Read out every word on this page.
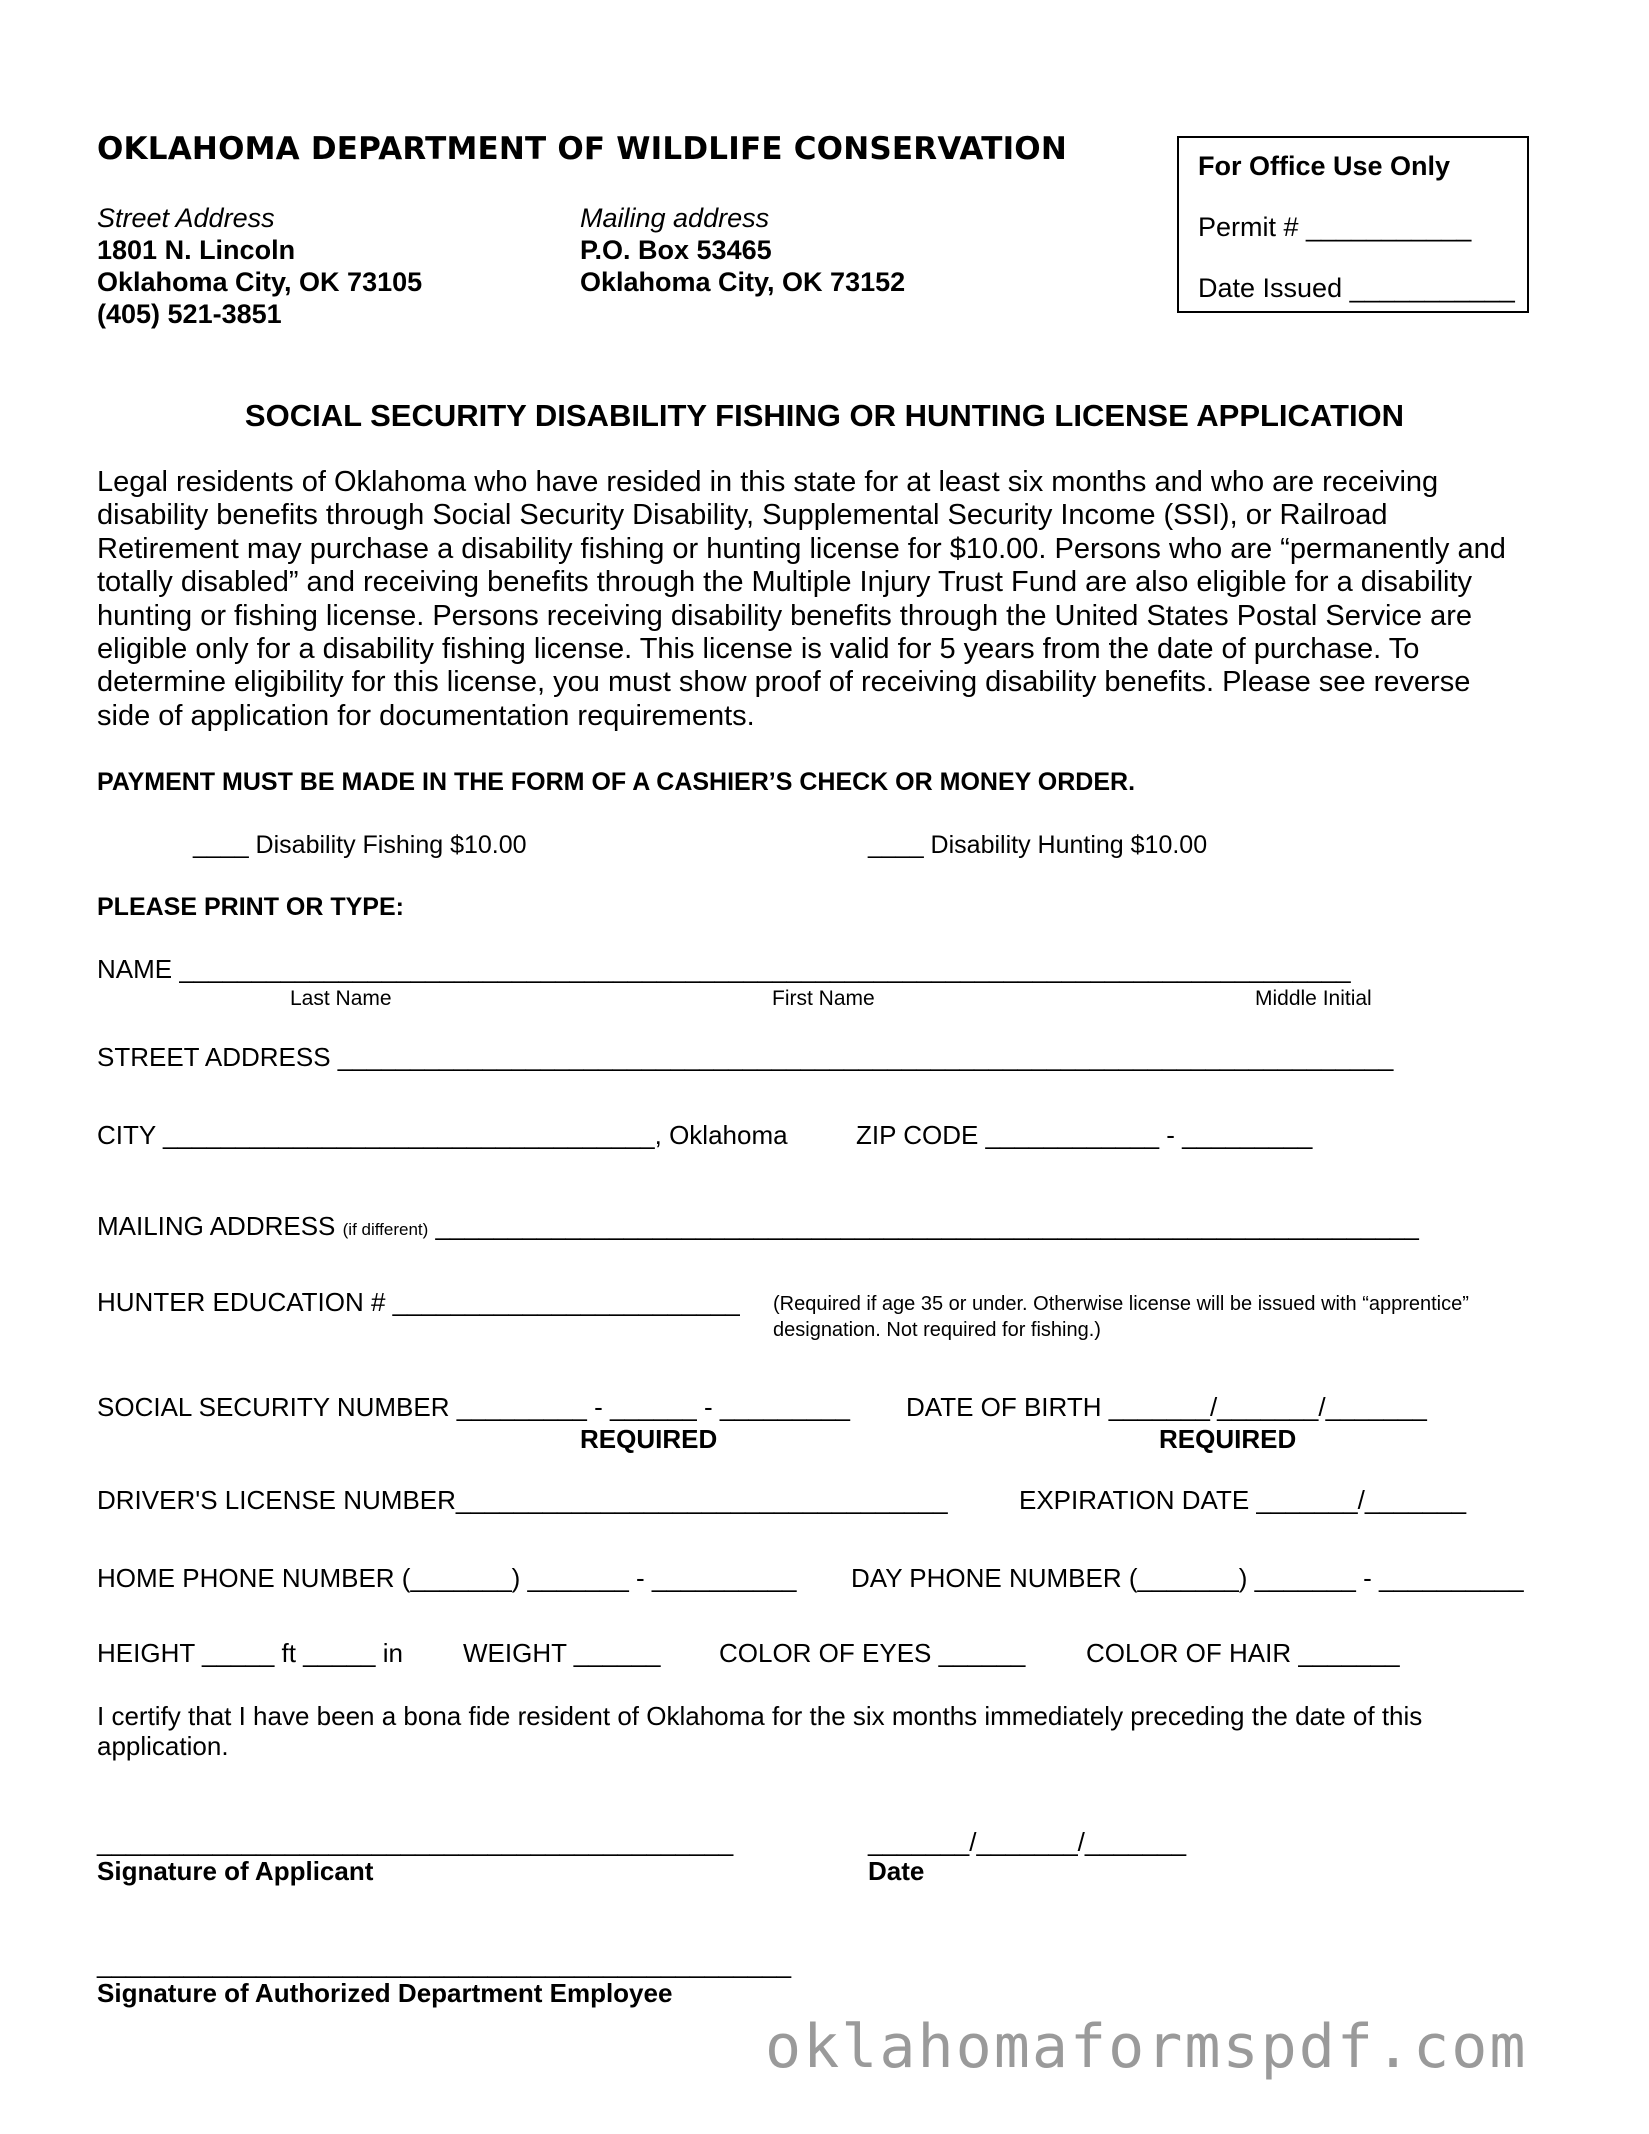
OKLAHOMA DEPARTMENT OF WILDLIFE CONSERVATION
Street Address
1801 N. Lincoln
Oklahoma City, OK 73105
(405) 521-3851
Mailing address
P.O. Box 53465
Oklahoma City, OK 73152
For Office Use Only
Permit # ___________
Date Issued ___________
SOCIAL SECURITY DISABILITY FISHING OR HUNTING LICENSE APPLICATION
Legal residents of Oklahoma who have resided in this state for at least six months and who are receiving
disability benefits through Social Security Disability, Supplemental Security Income (SSI), or Railroad
Retirement may purchase a disability fishing or hunting license for $10.00. Persons who are “permanently and
totally disabled” and receiving benefits through the Multiple Injury Trust Fund are also eligible for a disability
hunting or fishing license. Persons receiving disability benefits through the United States Postal Service are
eligible only for a disability fishing license. This license is valid for 5 years from the date of purchase. To
determine eligibility for this license, you must show proof of receiving disability benefits. Please see reverse
side of application for documentation requirements.
PAYMENT MUST BE MADE IN THE FORM OF A CASHIER’S CHECK OR MONEY ORDER.
____ Disability Fishing $10.00	____ Disability Hunting $10.00
PLEASE PRINT OR TYPE:
NAME _________________________________________________________________________________
Last Name	First Name	Middle Initial
STREET ADDRESS _________________________________________________________________________
CITY __________________________________, Oklahoma	ZIP CODE ____________ - _________
MAILING ADDRESS (if different) ____________________________________________________________________
HUNTER EDUCATION # ________________________ (Required if age 35 or under. Otherwise license will be issued with “apprentice”
designation. Not required for fishing.)
SOCIAL SECURITY NUMBER _________ - ______ - _________ DATE OF BIRTH _______/_______/_______
REQUIRED	REQUIRED
DRIVER'S LICENSE NUMBER__________________________________	EXPIRATION DATE _______/_______
HOME PHONE NUMBER (_______) _______ - __________ DAY PHONE NUMBER (_______) _______ - __________
HEIGHT _____ ft _____ in WEIGHT ______ COLOR OF EYES ______ COLOR OF HAIR _______
I certify that I have been a bona fide resident of Oklahoma for the six months immediately preceding the date of this
application.
____________________________________________
Signature of Applicant
_______/_______/_______
Date
________________________________________________
Signature of Authorized Department Employee
oklahomaformspdf.com
